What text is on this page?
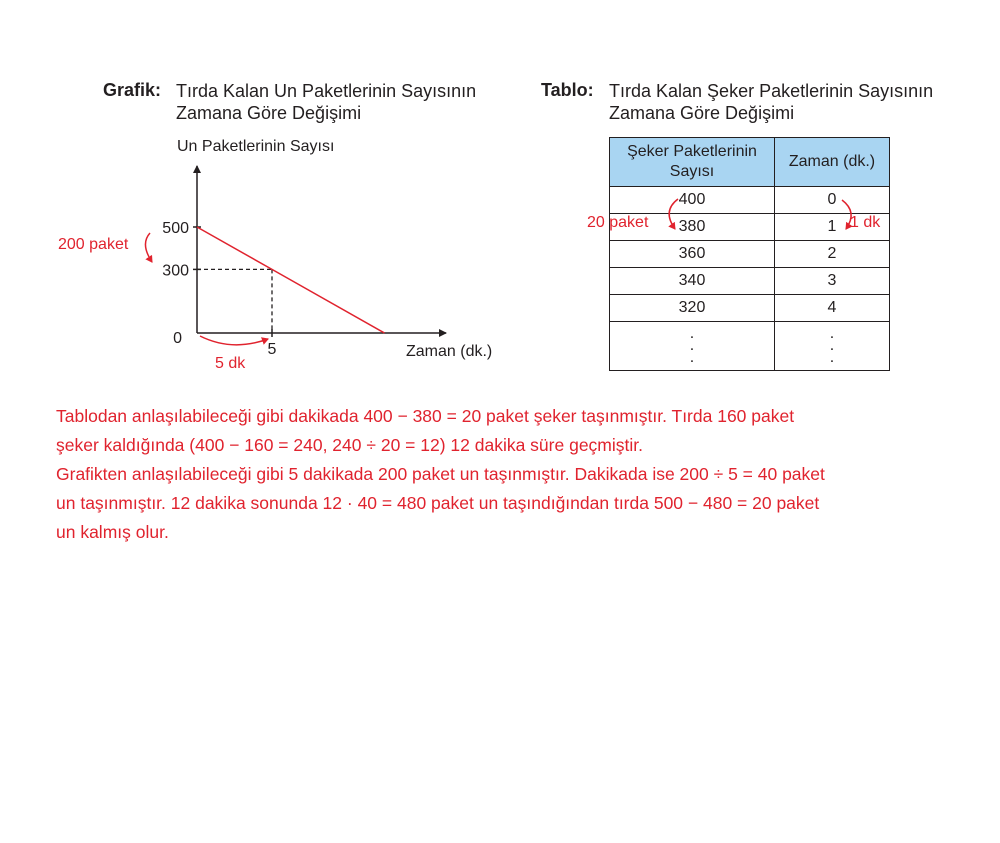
Grafik: Tırda Kalan Un Paketlerinin Sayısının
Zamana Göre Değişimi
Tablo: Tırda Kalan Şeker Paketlerinin Sayısının
Zamana Göre Değişimi
Un Paketlerinin Sayısı
0
300
500
5	Zaman (dk.)
200 paket
5 dk
Şeker Paketlerinin
Sayısı	Zaman (dk.)
400	0
380	1
360	2
340	3
320	4

.
.
.	.
.
.
20 paket	1 dk

Tablodan anlaşılabileceği gibi dakikada 400 − 380 = 20 paket şeker taşınmıştır. Tırda 160 paket

şeker kaldığında (400 − 160 = 240, 240 ÷ 20 = 12) 12 dakika süre geçmiştir.

Grafikten anlaşılabileceği gibi 5 dakikada 200 paket un taşınmıştır. Dakikada ise 200 ÷ 5 = 40 paket

un taşınmıştır. 12 dakika sonunda 12 · 40 = 480 paket un taşındığından tırda 500 − 480 = 20 paket

un kalmış olur.
